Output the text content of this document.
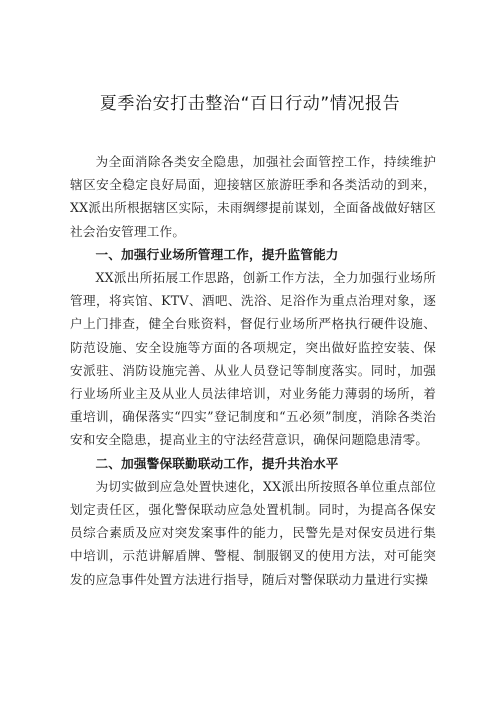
夏季治安打击整治“百日行动”情况报告

为全面消除各类安全隐患，加强社会面管控工作，持续维护辖区安全稳定良好局面，迎接辖区旅游旺季和各类活动的到来，XX派出所根据辖区实际，未雨绸缪提前谋划，全面备战做好辖区社会治安管理工作。

一、加强行业场所管理工作，提升监管能力

XX派出所拓展工作思路，创新工作方法，全力加强行业场所管理，将宾馆、KTV、酒吧、洗浴、足浴作为重点治理对象，逐户上门排查，健全台账资料，督促行业场所严格执行硬件设施、防范设施、安全设施等方面的各项规定，突出做好监控安装、保安派驻、消防设施完善、从业人员登记等制度落实。同时，加强行业场所业主及从业人员法律培训，对业务能力薄弱的场所，着重培训，确保落实“四实”登记制度和“五必须”制度，消除各类治安和安全隐患，提高业主的守法经营意识，确保问题隐患清零。

二、加强警保联勤联动工作，提升共治水平

为切实做到应急处置快速化，XX派出所按照各单位重点部位划定责任区，强化警保联动应急处置机制。同时，为提高各保安员综合素质及应对突发案事件的能力，民警先是对保安员进行集中培训，示范讲解盾牌、警棍、制服钢叉的使用方法，对可能突发的应急事件处置方法进行指导，随后对警保联动力量进行实操
